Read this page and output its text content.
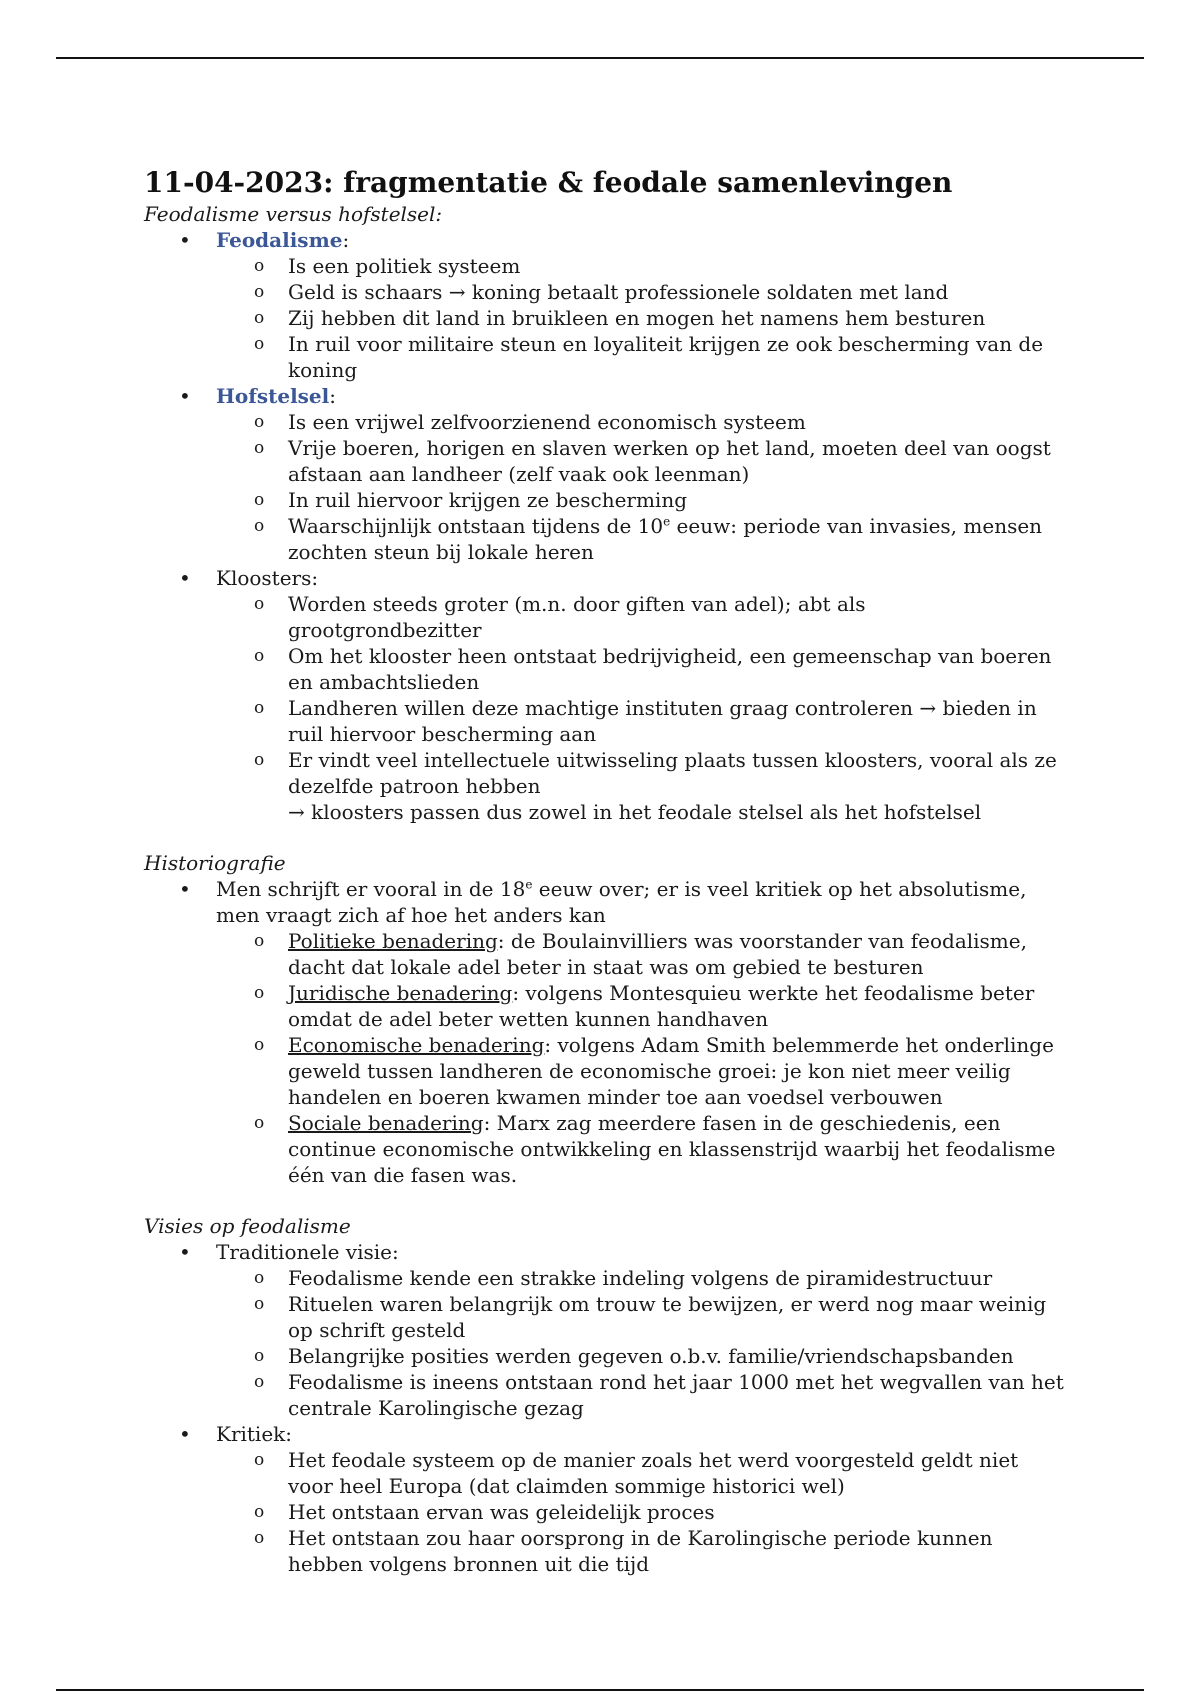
11-04-2023: fragmentatie & feodale samenlevingen

Feodalisme versus hofstelsel:

• Feodalisme:
o Is een politiek systeem
o Geld is schaars → koning betaalt professionele soldaten met land
o Zij hebben dit land in bruikleen en mogen het namens hem besturen
o In ruil voor militaire steun en loyaliteit krijgen ze ook bescherming van de koning
• Hofstelsel:
o Is een vrijwel zelfvoorzienend economisch systeem
o Vrije boeren, horigen en slaven werken op het land, moeten deel van oogst afstaan aan landheer (zelf vaak ook leenman)
o In ruil hiervoor krijgen ze bescherming
o Waarschijnlijk ontstaan tijdens de 10e eeuw: periode van invasies, mensen zochten steun bij lokale heren
• Kloosters:
o Worden steeds groter (m.n. door giften van adel); abt als grootgrondbezitter
o Om het klooster heen ontstaat bedrijvigheid, een gemeenschap van boeren en ambachtslieden
o Landheren willen deze machtige instituten graag controleren → bieden in ruil hiervoor bescherming aan
o Er vindt veel intellectuele uitwisseling plaats tussen kloosters, vooral als ze dezelfde patroon hebben
→ kloosters passen dus zowel in het feodale stelsel als het hofstelsel

Historiografie

• Men schrijft er vooral in de 18e eeuw over; er is veel kritiek op het absolutisme, men vraagt zich af hoe het anders kan
o Politieke benadering: de Boulainvilliers was voorstander van feodalisme, dacht dat lokale adel beter in staat was om gebied te besturen
o Juridische benadering: volgens Montesquieu werkte het feodalisme beter omdat de adel beter wetten kunnen handhaven
o Economische benadering: volgens Adam Smith belemmerde het onderlinge geweld tussen landheren de economische groei: je kon niet meer veilig handelen en boeren kwamen minder toe aan voedsel verbouwen
o Sociale benadering: Marx zag meerdere fasen in de geschiedenis, een continue economische ontwikkeling en klassenstrijd waarbij het feodalisme één van die fasen was.

Visies op feodalisme

• Traditionele visie:
o Feodalisme kende een strakke indeling volgens de piramidestructuur
o Rituelen waren belangrijk om trouw te bewijzen, er werd nog maar weinig op schrift gesteld
o Belangrijke posities werden gegeven o.b.v. familie/vriendschapsbanden
o Feodalisme is ineens ontstaan rond het jaar 1000 met het wegvallen van het centrale Karolingische gezag
• Kritiek:
o Het feodale systeem op de manier zoals het werd voorgesteld geldt niet voor heel Europa (dat claimden sommige historici wel)
o Het ontstaan ervan was geleidelijk proces
o Het ontstaan zou haar oorsprong in de Karolingische periode kunnen hebben volgens bronnen uit die tijd
